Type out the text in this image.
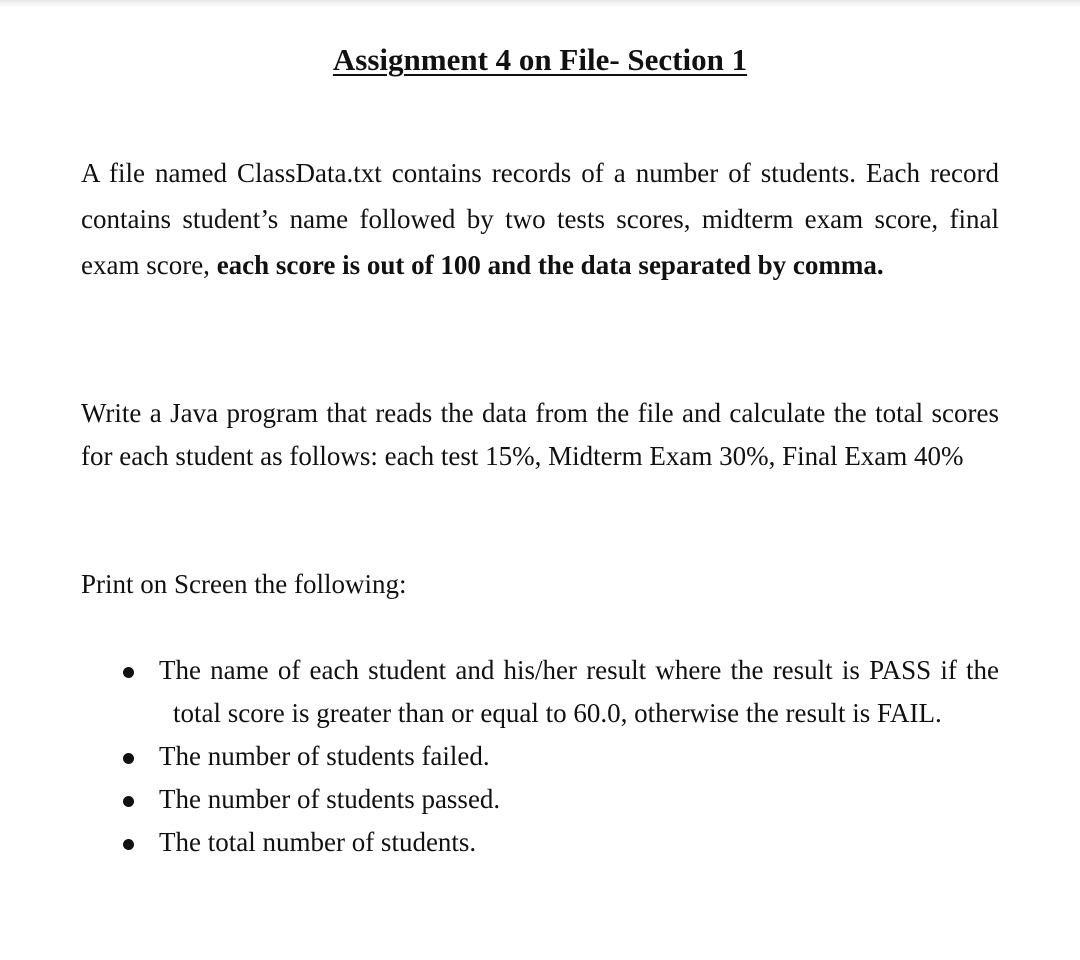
Assignment 4 on File- Section 1

A file named ClassData.txt contains records of a number of students. Each record contains student’s name followed by two tests scores, midterm exam score, final exam score, each score is out of 100 and the data separated by comma.

Write a Java program that reads the data from the file and calculate the total scores for each student as follows: each test 15%, Midterm Exam 30%, Final Exam 40%

Print on Screen the following:

The name of each student and his/her result where the result is PASS if the total score is greater than or equal to 60.0, otherwise the result is FAIL.
The number of students failed.
The number of students passed.
The total number of students.
